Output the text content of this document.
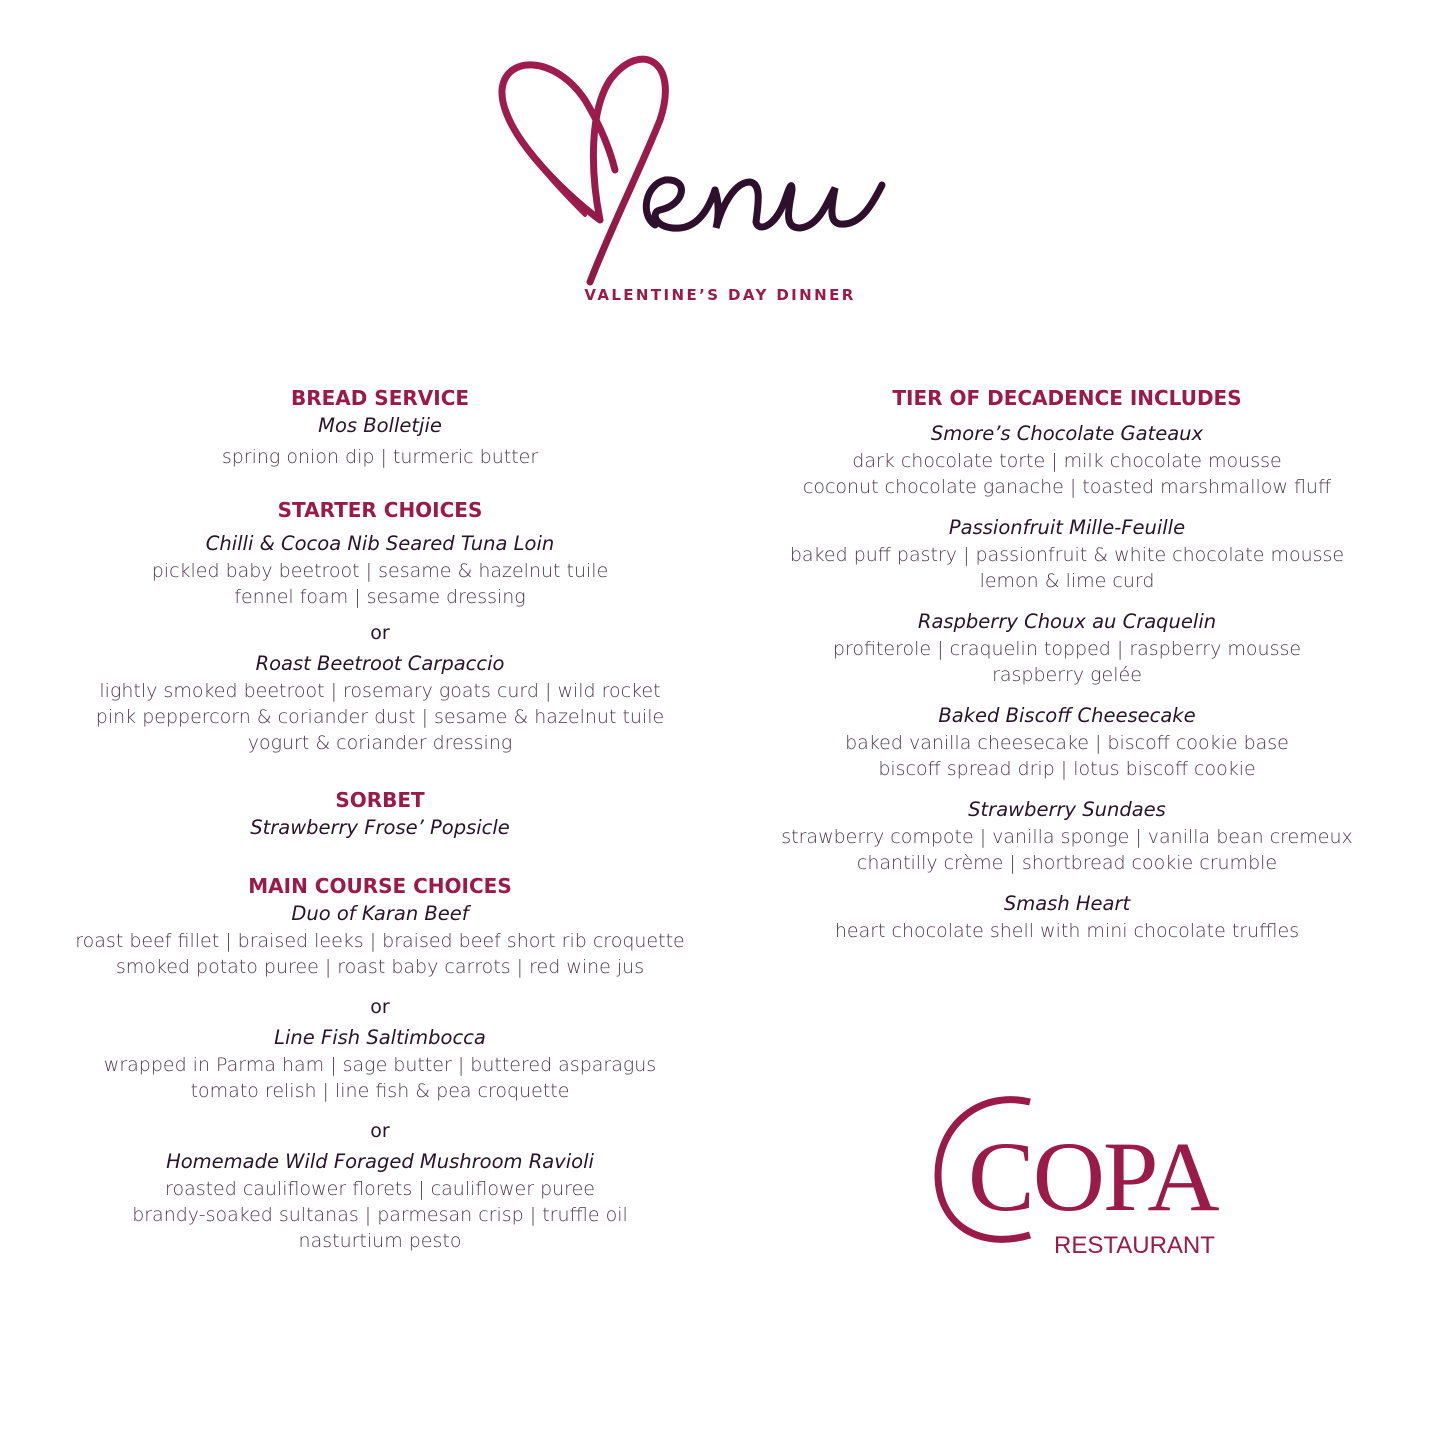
VALENTINE’S DAY DINNER
BREAD SERVICE
Mos Bolletjie
spring onion dip | turmeric butter
STARTER CHOICES
Chilli & Cocoa Nib Seared Tuna Loin
pickled baby beetroot | sesame & hazelnut tuile
fennel foam | sesame dressing
or
Roast Beetroot Carpaccio
lightly smoked beetroot | rosemary goats curd | wild rocket
pink peppercorn & coriander dust | sesame & hazelnut tuile
yogurt & coriander dressing
SORBET
Strawberry Frose’ Popsicle
MAIN COURSE CHOICES
Duo of Karan Beef
roast beef fillet | braised leeks | braised beef short rib croquette
smoked potato puree | roast baby carrots | red wine jus
or
Line Fish Saltimbocca
wrapped in Parma ham | sage butter | buttered asparagus
tomato relish | line fish & pea croquette
or
Homemade Wild Foraged Mushroom Ravioli
roasted cauliflower florets | cauliflower puree
brandy-soaked sultanas | parmesan crisp | truffle oil
nasturtium pesto
TIER OF DECADENCE INCLUDES
Smore’s Chocolate Gateaux
dark chocolate torte | milk chocolate mousse
coconut chocolate ganache | toasted marshmallow fluff
Passionfruit Mille-Feuille
baked puff pastry | passionfruit & white chocolate mousse
lemon & lime curd
Raspberry Choux au Craquelin
profiterole | craquelin topped | raspberry mousse
raspberry gelée
Baked Biscoff Cheesecake
baked vanilla cheesecake | biscoff cookie base
biscoff spread drip | lotus biscoff cookie
Strawberry Sundaes
strawberry compote | vanilla sponge | vanilla bean cremeux
chantilly crème | shortbread cookie crumble
Smash Heart
heart chocolate shell with mini chocolate truffles
COPA
RESTAURANT
